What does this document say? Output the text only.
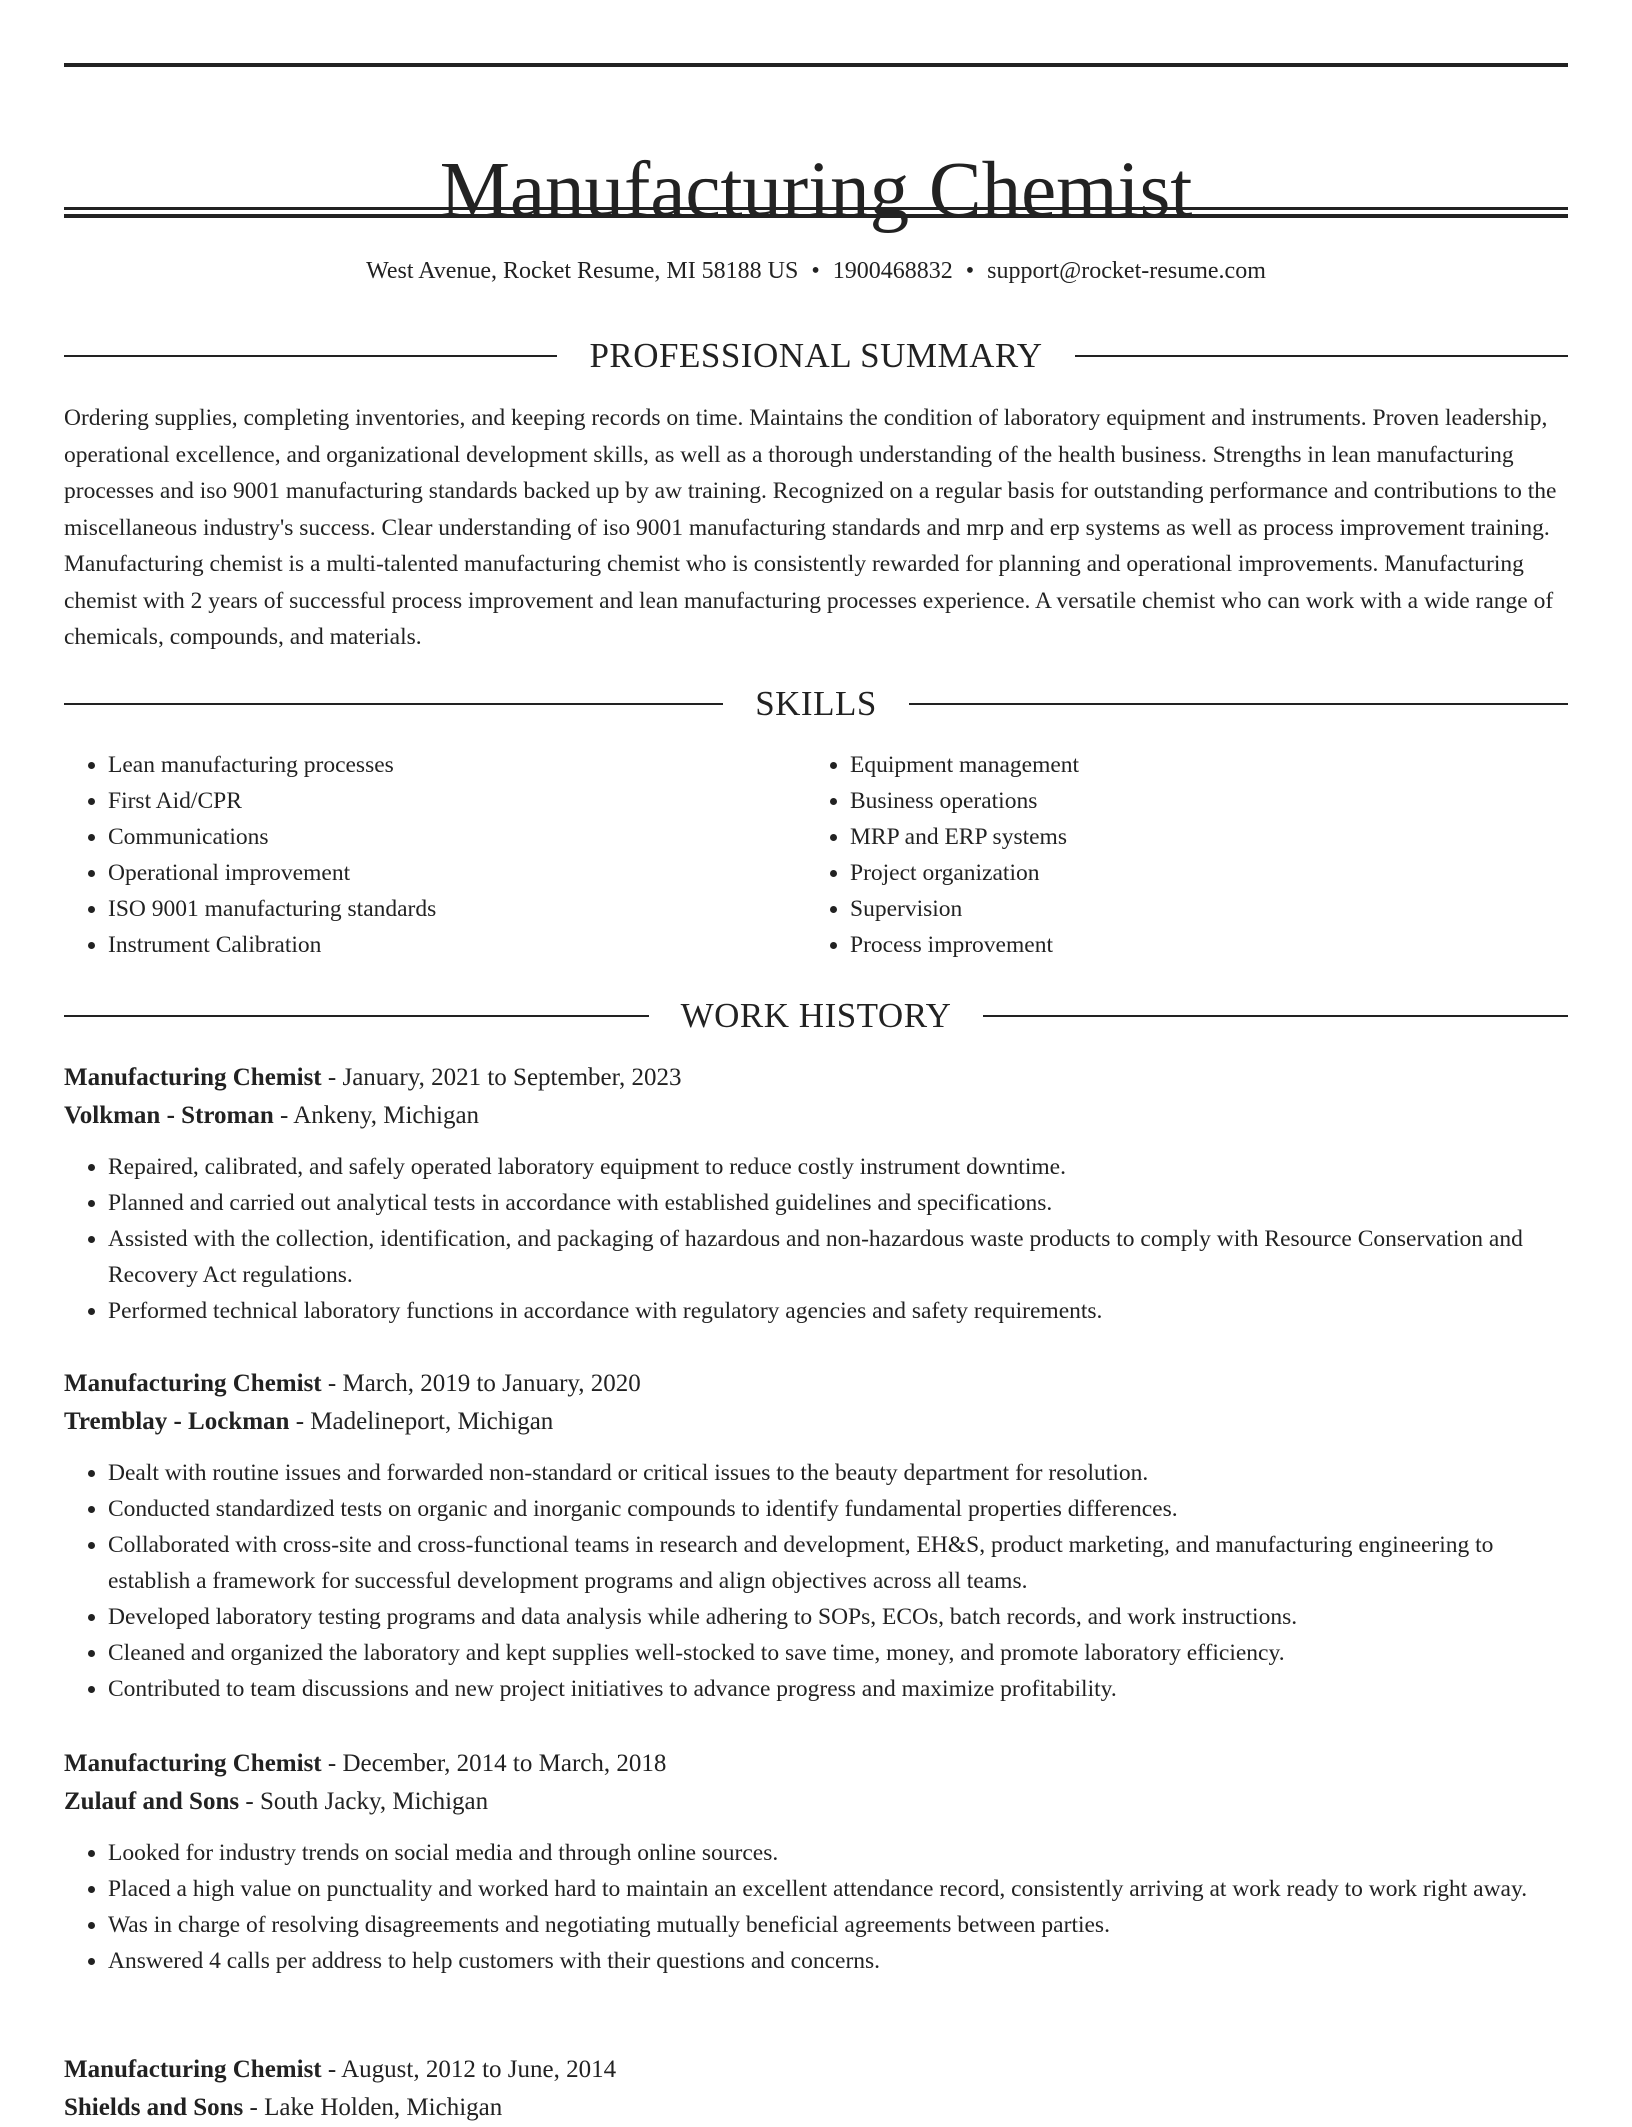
Manufacturing Chemist
West Avenue, Rocket Resume, MI 58188 US • 1900468832 • support@rocket-resume.com
PROFESSIONAL SUMMARY

Ordering supplies, completing inventories, and keeping records on time. Maintains the condition of laboratory equipment and instruments. Proven leadership, operational excellence, and organizational development skills, as well as a thorough understanding of the health business. Strengths in lean manufacturing processes and iso 9001 manufacturing standards backed up by aw training. Recognized on a regular basis for outstanding performance and contributions to the miscellaneous industry's success. Clear understanding of iso 9001 manufacturing standards and mrp and erp systems as well as process improvement training. Manufacturing chemist is a multi-talented manufacturing chemist who is consistently rewarded for planning and operational improvements. Manufacturing chemist with 2 years of successful process improvement and lean manufacturing processes experience. A versatile chemist who can work with a wide range of chemicals, compounds, and materials.

SKILLS
• Lean manufacturing processes
• First Aid/CPR
• Communications
• Operational improvement
• ISO 9001 manufacturing standards
• Instrument Calibration
• Equipment management
• Business operations
• MRP and ERP systems
• Project organization
• Supervision
• Process improvement
WORK HISTORY
Manufacturing Chemist - January, 2021 to September, 2023
Volkman - Stroman - Ankeny, Michigan
• Repaired, calibrated, and safely operated laboratory equipment to reduce costly instrument downtime.
• Planned and carried out analytical tests in accordance with established guidelines and specifications.
• Assisted with the collection, identification, and packaging of hazardous and non-hazardous waste products to comply with Resource Conservation and Recovery Act regulations.
• Performed technical laboratory functions in accordance with regulatory agencies and safety requirements.
Manufacturing Chemist - March, 2019 to January, 2020
Tremblay - Lockman - Madelineport, Michigan
• Dealt with routine issues and forwarded non-standard or critical issues to the beauty department for resolution.
• Conducted standardized tests on organic and inorganic compounds to identify fundamental properties differences.
• Collaborated with cross-site and cross-functional teams in research and development, EH&S, product marketing, and manufacturing engineering to establish a framework for successful development programs and align objectives across all teams.
• Developed laboratory testing programs and data analysis while adhering to SOPs, ECOs, batch records, and work instructions.
• Cleaned and organized the laboratory and kept supplies well-stocked to save time, money, and promote laboratory efficiency.
• Contributed to team discussions and new project initiatives to advance progress and maximize profitability.
Manufacturing Chemist - December, 2014 to March, 2018
Zulauf and Sons - South Jacky, Michigan
• Looked for industry trends on social media and through online sources.
• Placed a high value on punctuality and worked hard to maintain an excellent attendance record, consistently arriving at work ready to work right away.
• Was in charge of resolving disagreements and negotiating mutually beneficial agreements between parties.
• Answered 4 calls per address to help customers with their questions and concerns.
Manufacturing Chemist - August, 2012 to June, 2014
Shields and Sons - Lake Holden, Michigan
